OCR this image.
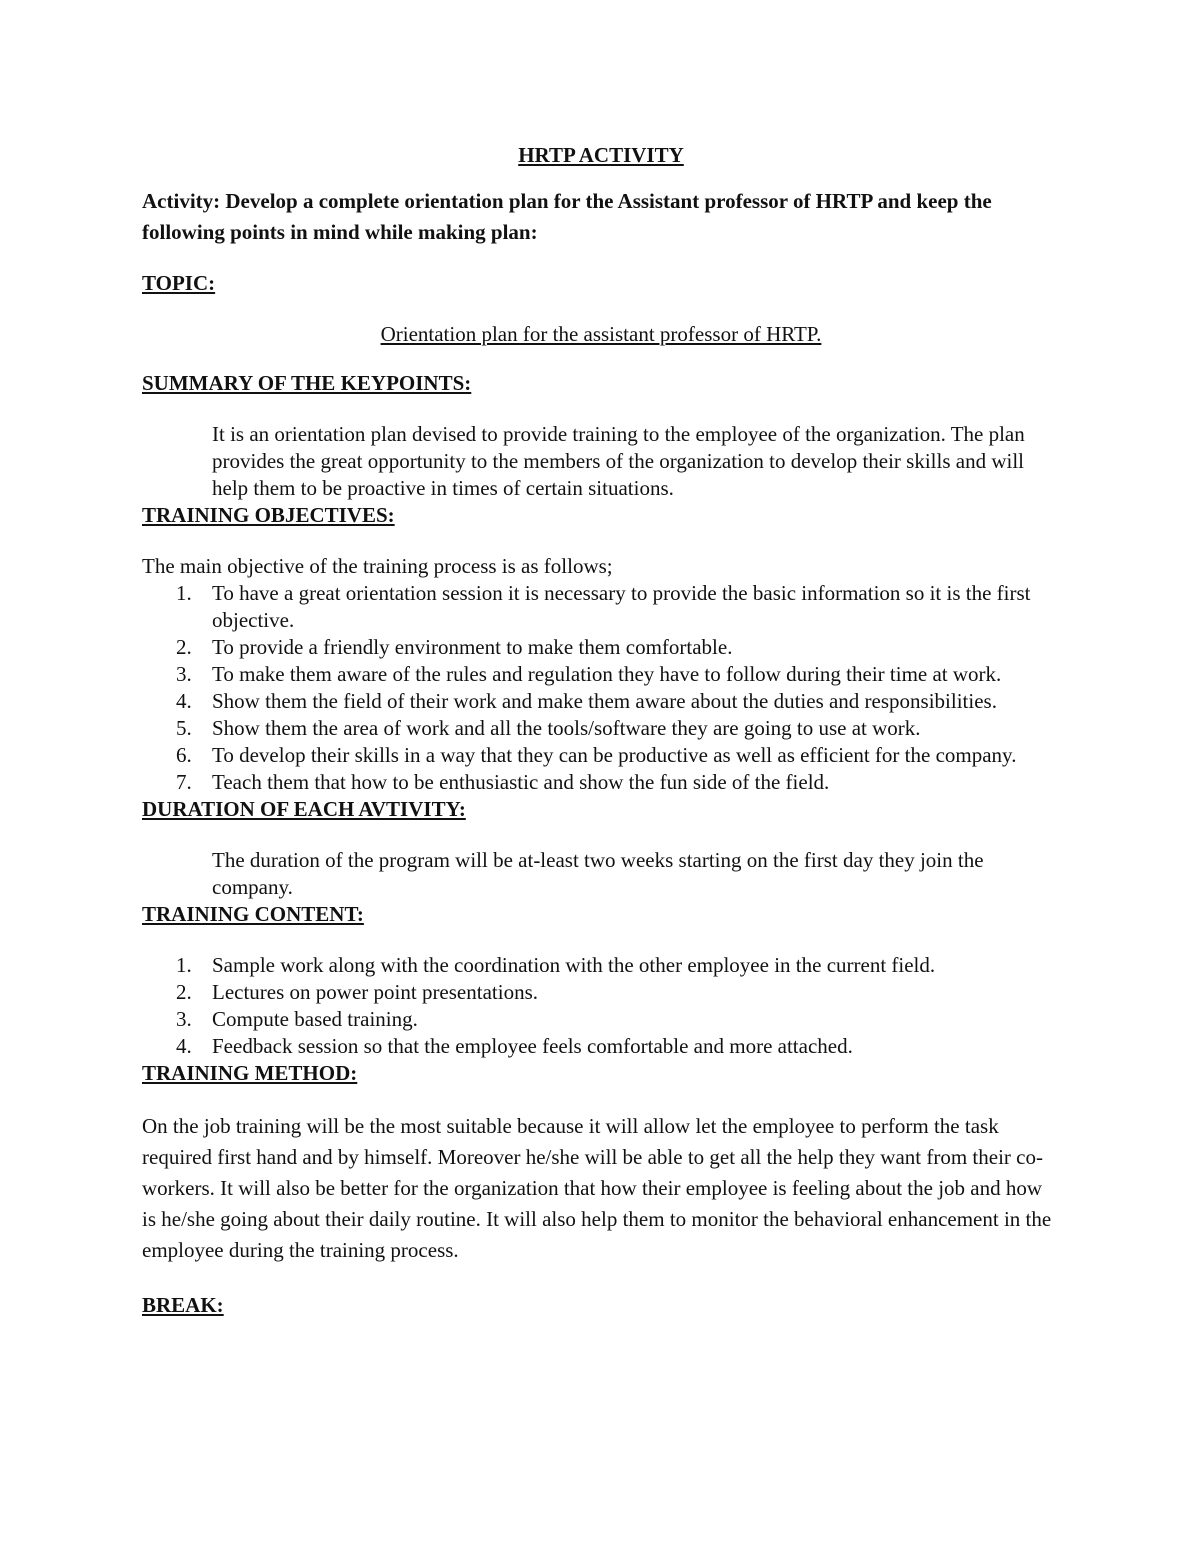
HRTP ACTIVITY

Activity: Develop a complete orientation plan for the Assistant professor of HRTP and keep the following points in mind while making plan:

TOPIC:

Orientation plan for the assistant professor of HRTP.

SUMMARY OF THE KEYPOINTS:

It is an orientation plan devised to provide training to the employee of the organization. The plan provides the great opportunity to the members of the organization to develop their skills and will help them to be proactive in times of certain situations.

TRAINING OBJECTIVES:

The main objective of the training process is as follows;

1. To have a great orientation session it is necessary to provide the basic information so it is the first objective.
2. To provide a friendly environment to make them comfortable.
3. To make them aware of the rules and regulation they have to follow during their time at work.
4. Show them the field of their work and make them aware about the duties and responsibilities.
5. Show them the area of work and all the tools/software they are going to use at work.
6. To develop their skills in a way that they can be productive as well as efficient for the company.
7. Teach them that how to be enthusiastic and show the fun side of the field.

DURATION OF EACH AVTIVITY:

The duration of the program will be at-least two weeks starting on the first day they join the company.

TRAINING CONTENT:

1. Sample work along with the coordination with the other employee in the current field.
2. Lectures on power point presentations.
3. Compute based training.
4. Feedback session so that the employee feels comfortable and more attached.

TRAINING METHOD:

On the job training will be the most suitable because it will allow let the employee to perform the task required first hand and by himself. Moreover he/she will be able to get all the help they want from their co-workers. It will also be better for the organization that how their employee is feeling about the job and how is he/she going about their daily routine. It will also help them to monitor the behavioral enhancement in the employee during the training process.

BREAK:
